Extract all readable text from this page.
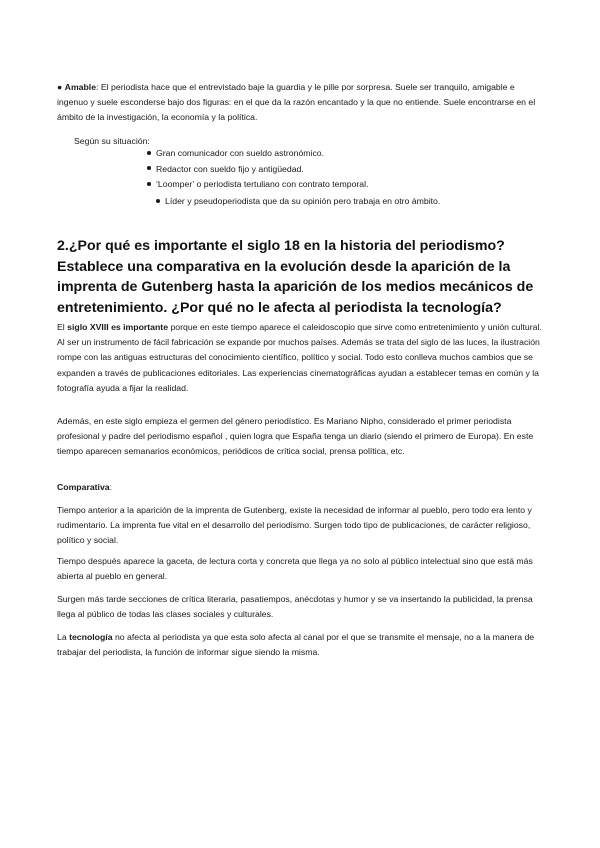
● Amable: El periodista hace que el entrevistado baje la guardia y le pille por sorpresa. Suele ser tranquilo, amigable e ingenuo y suele esconderse bajo dos figuras: en el que da la razón encantado y la que no entiende. Suele encontrarse en el ámbito de la investigación, la economía y la política.

Según su situación:
Gran comunicador con sueldo astronómico.
Redactor con sueldo fijo y antigüedad.
‘Loomper’ o periodista tertuliano con contrato temporal.
Líder y pseudoperiodista que da su opinión pero trabaja en otro ámbito.
2.¿Por qué es importante el siglo 18 en la historia del periodismo? Establece una comparativa en la evolución desde la aparición de la imprenta de Gutenberg hasta la aparición de los medios mecánicos de entretenimiento. ¿Por qué no le afecta al periodista la tecnología?

El siglo XVIII es importante porque en este tiempo aparece el caleidoscopio que sirve como entretenimiento y unión cultural. Al ser un instrumento de fácil fabricación se expande por muchos países. Además se trata del siglo de las luces, la ilustración rompe con las antiguas estructuras del conocimiento científico, político y social. Todo esto conlleva muchos cambios que se expanden a través de publicaciones editoriales. Las experiencias cinematográficas ayudan a establecer temas en común y la fotografía ayuda a fijar la realidad.

Además, en este siglo empieza el germen del género periodístico. Es Mariano Nipho, considerado el primer periodista profesional y padre del periodismo español , quien logra que España tenga un diario (siendo el primero de Europa). En este tiempo aparecen semanarios económicos, periódicos de crítica social, prensa política, etc.

Comparativa:

Tiempo anterior a la aparición de la imprenta de Gutenberg, existe la necesidad de informar al pueblo, pero todo era lento y rudimentario. La imprenta fue vital en el desarrollo del periodismo. Surgen todo tipo de publicaciones, de carácter religioso, político y social.

Tiempo después aparece la gaceta, de lectura corta y concreta que llega ya no solo al público intelectual sino que está más abierta al pueblo en general.

Surgen más tarde secciones de crítica literaria, pasatiempos, anécdotas y humor y se va insertando la publicidad, la prensa llega al público de todas las clases sociales y culturales.

La tecnología no afecta al periodista ya que esta solo afecta al canal por el que se transmite el mensaje, no a la manera de trabajar del periodista, la función de informar sigue siendo la misma.
